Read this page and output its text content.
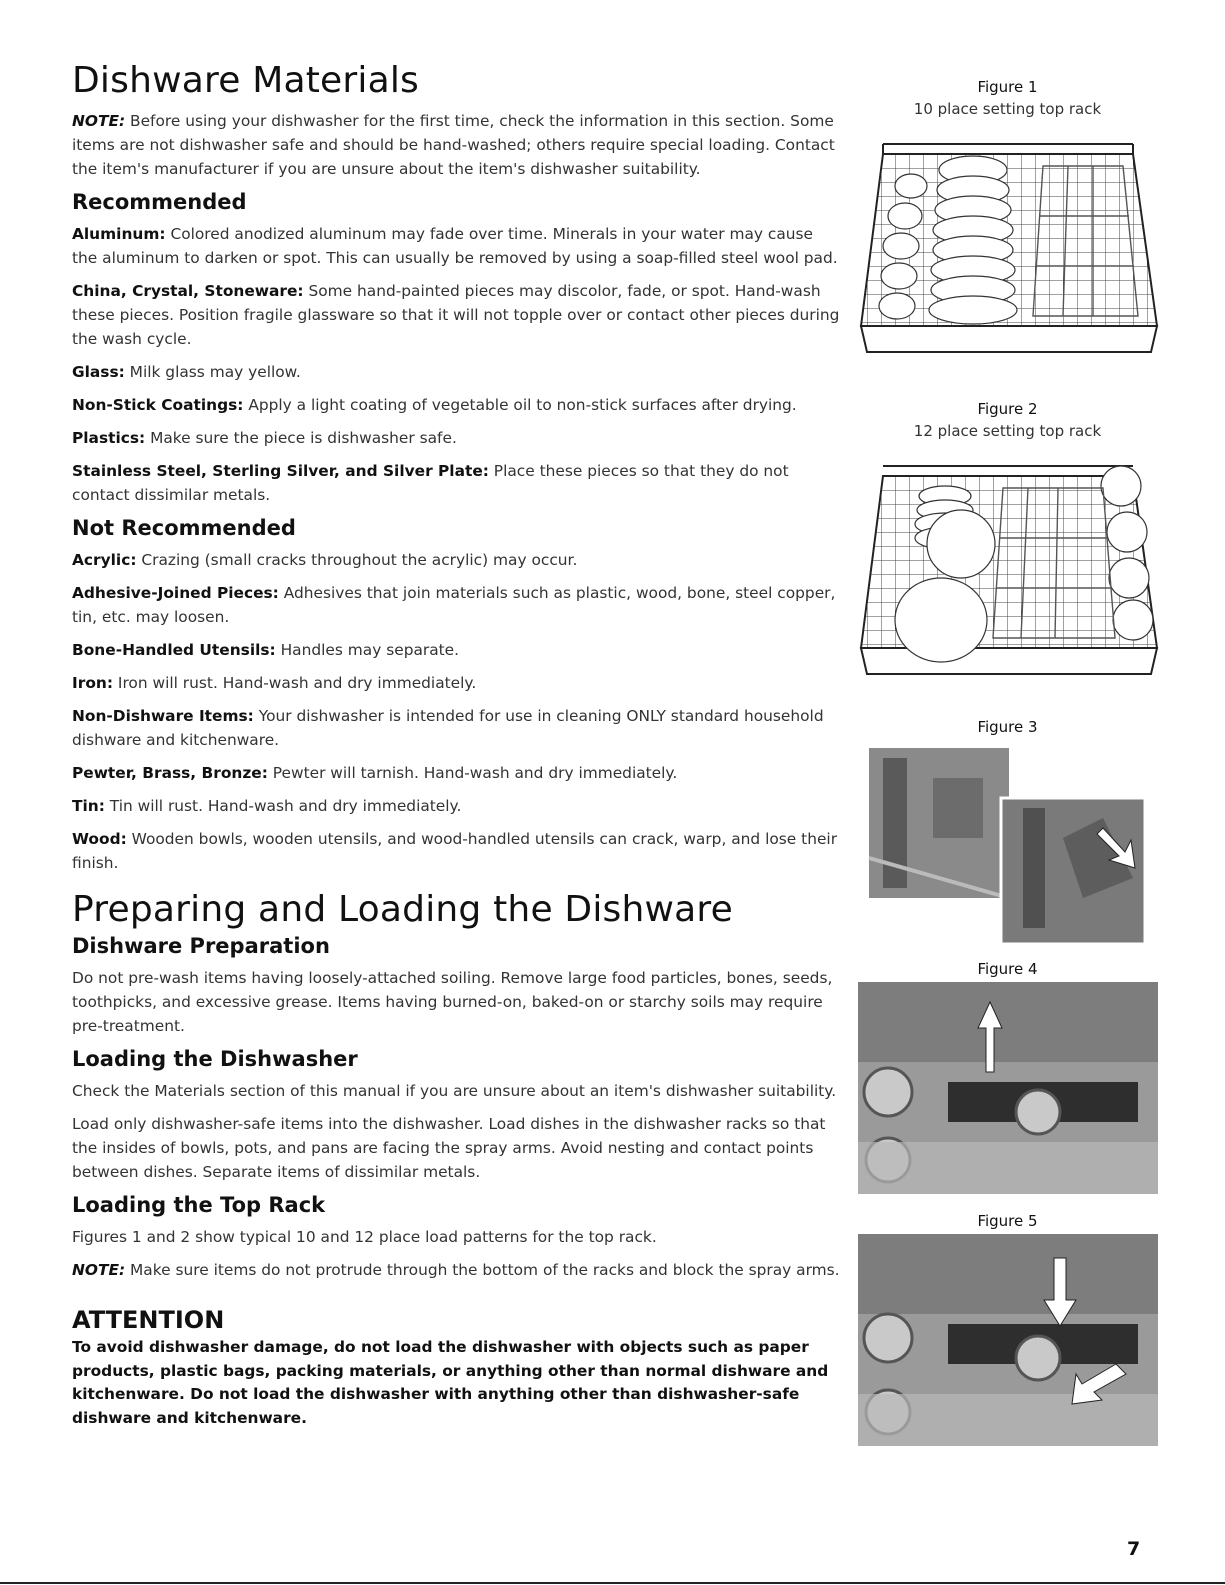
Dishware Materials

NOTE: Before using your dishwasher for the first time, check the information in this section. Some items are not dishwasher safe and should be hand-washed; others require special loading. Contact the item's manufacturer if you are unsure about the item's dishwasher suitability.

Recommended

Aluminum: Colored anodized aluminum may fade over time. Minerals in your water may cause the aluminum to darken or spot. This can usually be removed by using a soap-filled steel wool pad.

China, Crystal, Stoneware: Some hand-painted pieces may discolor, fade, or spot. Hand-wash these pieces. Position fragile glassware so that it will not topple over or contact other pieces during the wash cycle.

Glass: Milk glass may yellow.

Non-Stick Coatings: Apply a light coating of vegetable oil to non-stick surfaces after drying.

Plastics: Make sure the piece is dishwasher safe.

Stainless Steel, Sterling Silver, and Silver Plate: Place these pieces so that they do not contact dissimilar metals.

Not Recommended

Acrylic: Crazing (small cracks throughout the acrylic) may occur.

Adhesive-Joined Pieces: Adhesives that join materials such as plastic, wood, bone, steel copper, tin, etc. may loosen.

Bone-Handled Utensils: Handles may separate.

Iron: Iron will rust. Hand-wash and dry immediately.

Non-Dishware Items: Your dishwasher is intended for use in cleaning ONLY standard household dishware and kitchenware.

Pewter, Brass, Bronze: Pewter will tarnish. Hand-wash and dry immediately.

Tin: Tin will rust. Hand-wash and dry immediately.

Wood: Wooden bowls, wooden utensils, and wood-handled utensils can crack, warp, and lose their finish.

Preparing and Loading the Dishware
Dishware Preparation

Do not pre-wash items having loosely-attached soiling. Remove large food particles, bones, seeds, toothpicks, and excessive grease. Items having burned-on, baked-on or starchy soils may require pre-treatment.

Loading the Dishwasher

Check the Materials section of this manual if you are unsure about an item's dishwasher suitability.

Load only dishwasher-safe items into the dishwasher. Load dishes in the dishwasher racks so that the insides of bowls, pots, and pans are facing the spray arms. Avoid nesting and contact points between dishes. Separate items of dissimilar metals.

Loading the Top Rack

Figures 1 and 2 show typical 10 and 12 place load patterns for the top rack.

NOTE: Make sure items do not protrude through the bottom of the racks and block the spray arms.

ATTENTION

To avoid dishwasher damage, do not load the dishwasher with objects such as paper products, plastic bags, packing materials, or anything other than normal dishware and kitchenware. Do not load the dishwasher with anything other than dishwasher-safe dishware and kitchenware.

Figure 1

10 place setting top rack

Figure 2

12 place setting top rack

Figure 3

Figure 4

Figure 5

7
